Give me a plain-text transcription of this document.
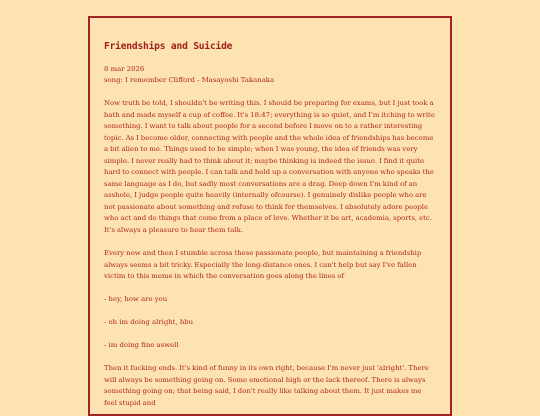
Friendships and Suicide

8 mar 2026

song: I remember Clifford - Masayoshi Takanaka

Now truth be told, I shouldn't be writing this. I should be preparing for exams, but I just took a bath and made myself a cup of coffee. It's 18:47; everything is so quiet, and I'm itching to write something. I want to talk about people for a second before I move on to a rather interesting topic. As I become older, connecting with people and the whole idea of friendships has become a bit alien to me. Things used to be simple; when I was young, the idea of friends was very simple. I never really had to think about it; maybe thinking is indeed the issue. I find it quite hard to connect with people. I can talk and hold up a conversation with anyone who speaks the same language as I do, but sadly most conversations are a drag. Deep down I'm kind of an asshole, I judge people quite heavily (internally ofcourse). I genuinely dislike people who are not passionate about something and refuse to think for themselves. I absolutely adore people who act and do things that come from a place of love. Whether it be art, academia, sports, etc. It's always a pleasure to hear them talk.

Every now and then I stumble across these passionate people, but maintaining a friendship always seems a bit tricky. Especially the long-distance ones. I can't help but say I've fallen victim to this meme in which the conversation goes along the lines of

- hey, how are you

- oh im doing alright, hbu

- im doing fine aswell

Then it fucking ends. It's kind of funny in its own right, because I'm never just 'alright'. There will always be something going on. Some emotional high or the lack thereof. There is always something going on; that being said, I don't really like talking about them. It just makes me feel stupid and
